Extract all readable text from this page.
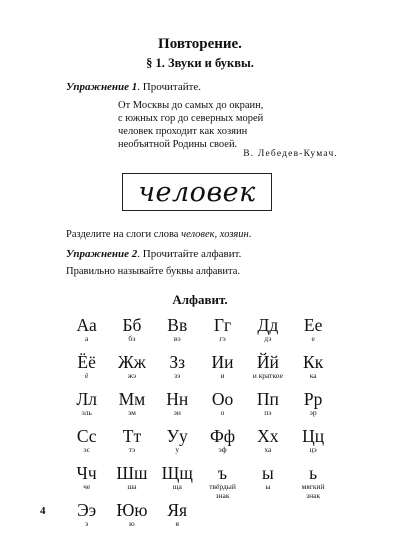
Повторение.
§ 1. Звуки и буквы.

Упражнение 1. Прочитайте.

От Москвы до самых до окраин,
с южных гор до северных морей
человек проходит как хозяин
необъятной Родины своей.
В. Лебедев-Кумач.
человек

Разделите на слоги слова человек, хозяин.

Упражнение 2. Прочитайте алфавит.

Правильно называйте буквы алфавита.

Алфавит.
Аа
а
Бб
бэ
Вв
вэ
Гг
гэ
Дд
дэ
Ее
е
Ёё
ё
Жж
жэ
Зз
зэ
Ии
и
Йй
и краткое
Кк
ка
Лл
эль
Мм
эм
Нн
эн
Оо
о
Пп
пэ
Рр
эр
Сс
эс
Тт
тэ
Уу
у
Фф
эф
Хх
ха
Цц
цэ
Чч
че
Шш
ша
Щщ
ща
ъ
твёрдый знак
ы
ы
ь
мягкий знак
Ээ
э
Юю
ю
Яя
я
4
